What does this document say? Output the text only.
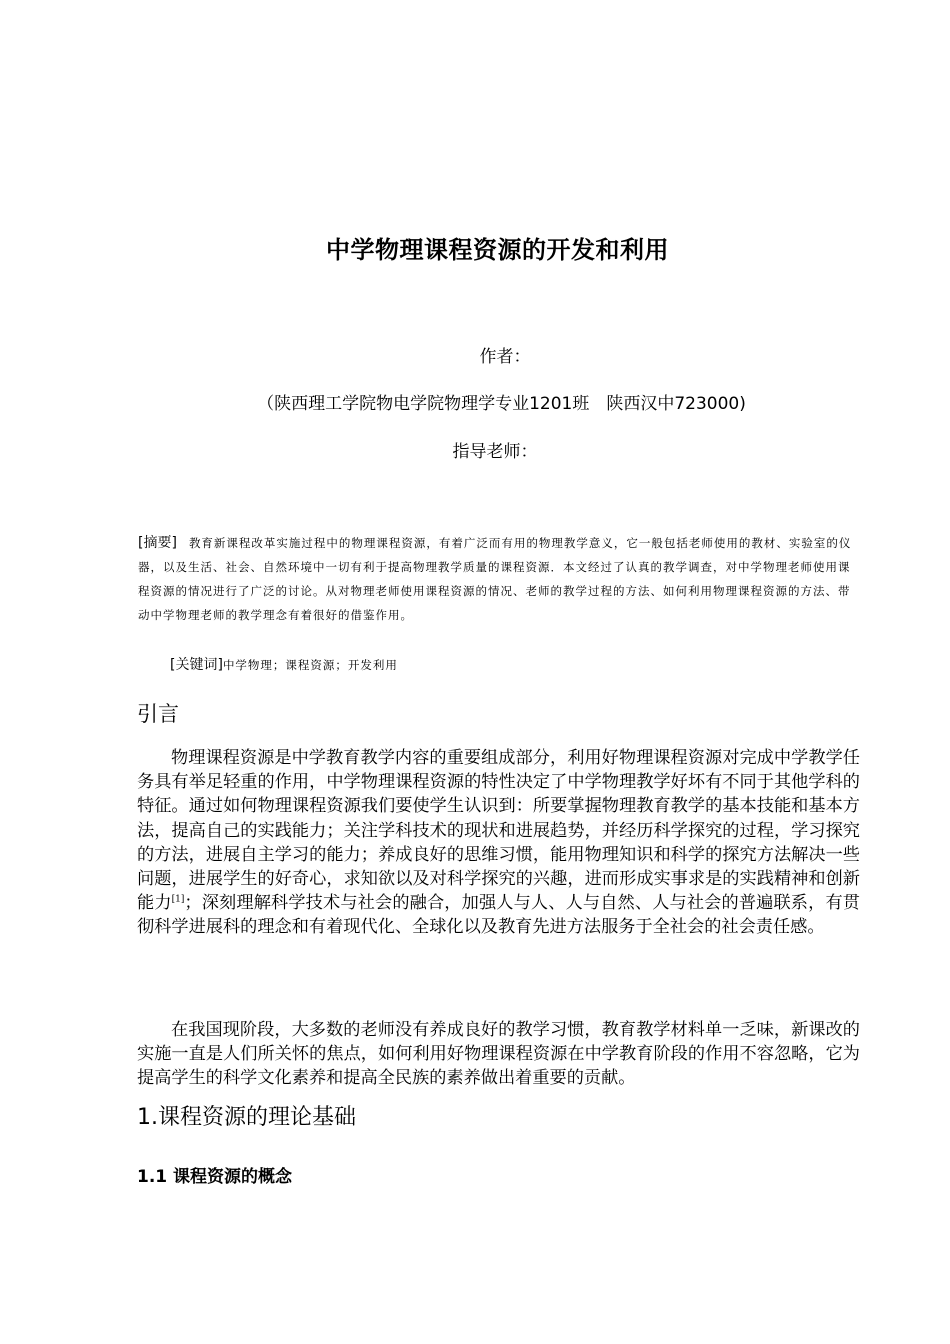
中学物理课程资源的开发和利用
作者：
（陕西理工学院物电学院物理学专业1201班　陕西汉中723000)
指导老师：
[摘要] 教育新课程改革实施过程中的物理课程资源，有着广泛而有用的物理教学意义，它一般包括老师使用的教材、实验室的仪器，以及生活、社会、自然环境中一切有利于提高物理教学质量的课程资源．本文经过了认真的教学调查，对中学物理老师使用课程资源的情况进行了广泛的讨论。从对物理老师使用课程资源的情况、老师的教学过程的方法、如何利用物理课程资源的方法、带动中学物理老师的教学理念有着很好的借鉴作用。
[关键词]中学物理；课程资源；开发利用
引言
物理课程资源是中学教育教学内容的重要组成部分，利用好物理课程资源对完成中学教学任务具有举足轻重的作用，中学物理课程资源的特性决定了中学物理教学好坏有不同于其他学科的特征。通过如何物理课程资源我们要使学生认识到：所要掌握物理教育教学的基本技能和基本方法，提高自己的实践能力；关注学科技术的现状和进展趋势，并经历科学探究的过程，学习探究的方法，进展自主学习的能力；养成良好的思维习惯，能用物理知识和科学的探究方法解决一些问题，进展学生的好奇心，求知欲以及对科学探究的兴趣，进而形成实事求是的实践精神和创新能力[1]；深刻理解科学技术与社会的融合，加强人与人、人与自然、人与社会的普遍联系，有贯彻科学进展科的理念和有着现代化、全球化以及教育先进方法服务于全社会的社会责任感。
在我国现阶段，大多数的老师没有养成良好的教学习惯，教育教学材料单一乏味，新课改的实施一直是人们所关怀的焦点，如何利用好物理课程资源在中学教育阶段的作用不容忽略，它为提高学生的科学文化素养和提高全民族的素养做出着重要的贡献。
1.课程资源的理论基础
1.1 课程资源的概念
